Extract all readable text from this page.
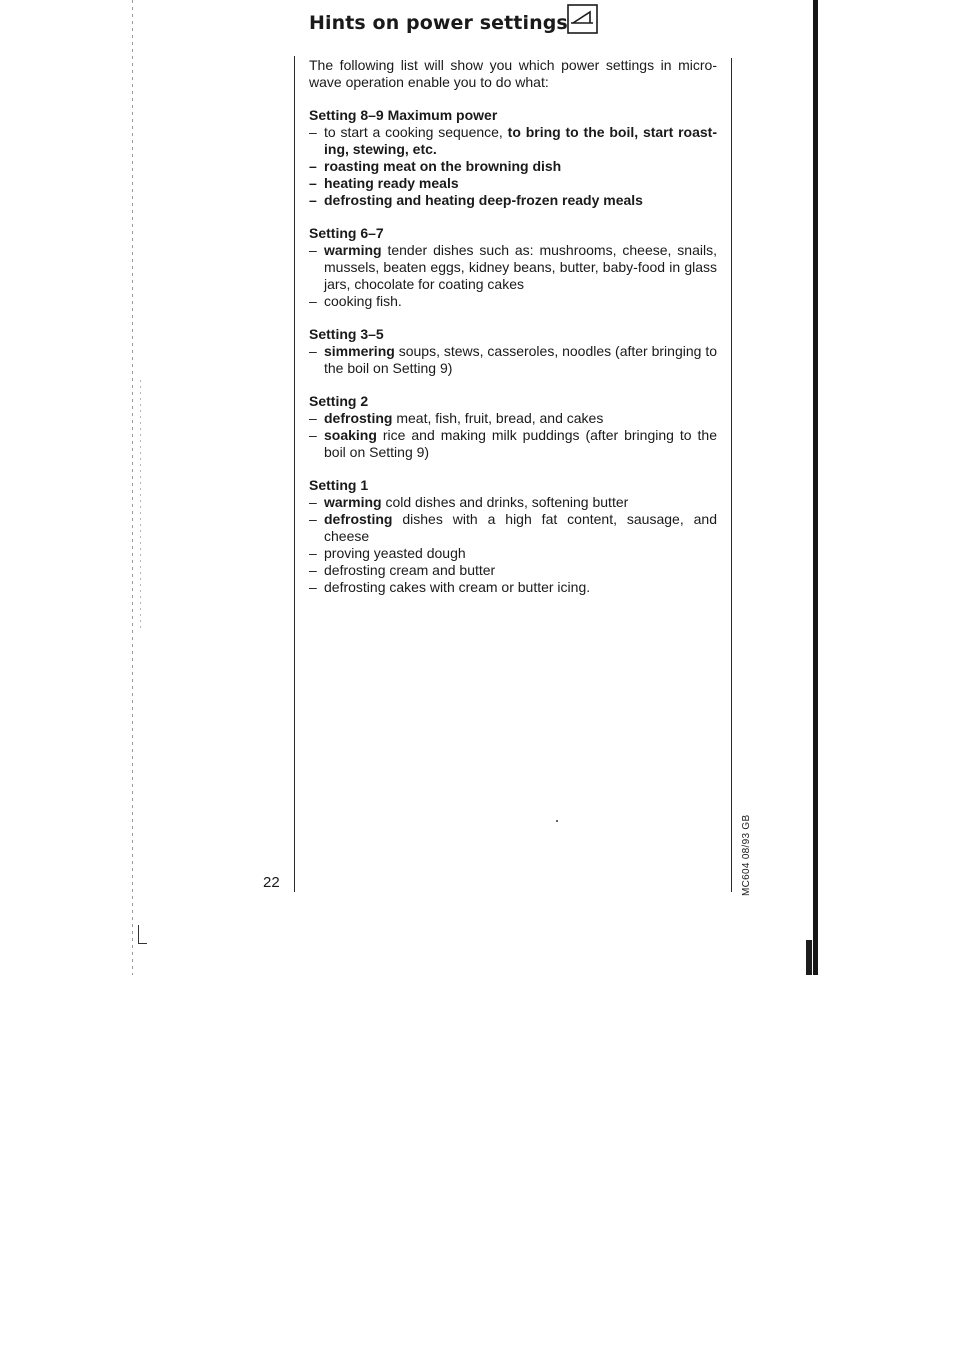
Hints on power settings

The following list will show you which power settings in micro-wave operation enable you to do what:

Setting 8–9 Maximum power

– to start a cooking sequence, to bring to the boil, start roast-ing, stewing, etc.
– roasting meat on the browning dish
– heating ready meals
– defrosting and heating deep-frozen ready meals

Setting 6–7

– warming tender dishes such as: mushrooms, cheese, snails, mussels, beaten eggs, kidney beans, butter, baby-food in glass jars, chocolate for coating cakes
– cooking fish.

Setting 3–5

– simmering soups, stews, casseroles, noodles (after bringing to the boil on Setting 9)

Setting 2

– defrosting meat, fish, fruit, bread, and cakes
– soaking rice and making milk puddings (after bringing to the boil on Setting 9)

Setting 1

– warming cold dishes and drinks, softening butter
– defrosting dishes with a high fat content, sausage, and cheese
– proving yeasted dough
– defrosting cream and butter
– defrosting cakes with cream or butter icing.
22	MC604 08/93 GB
